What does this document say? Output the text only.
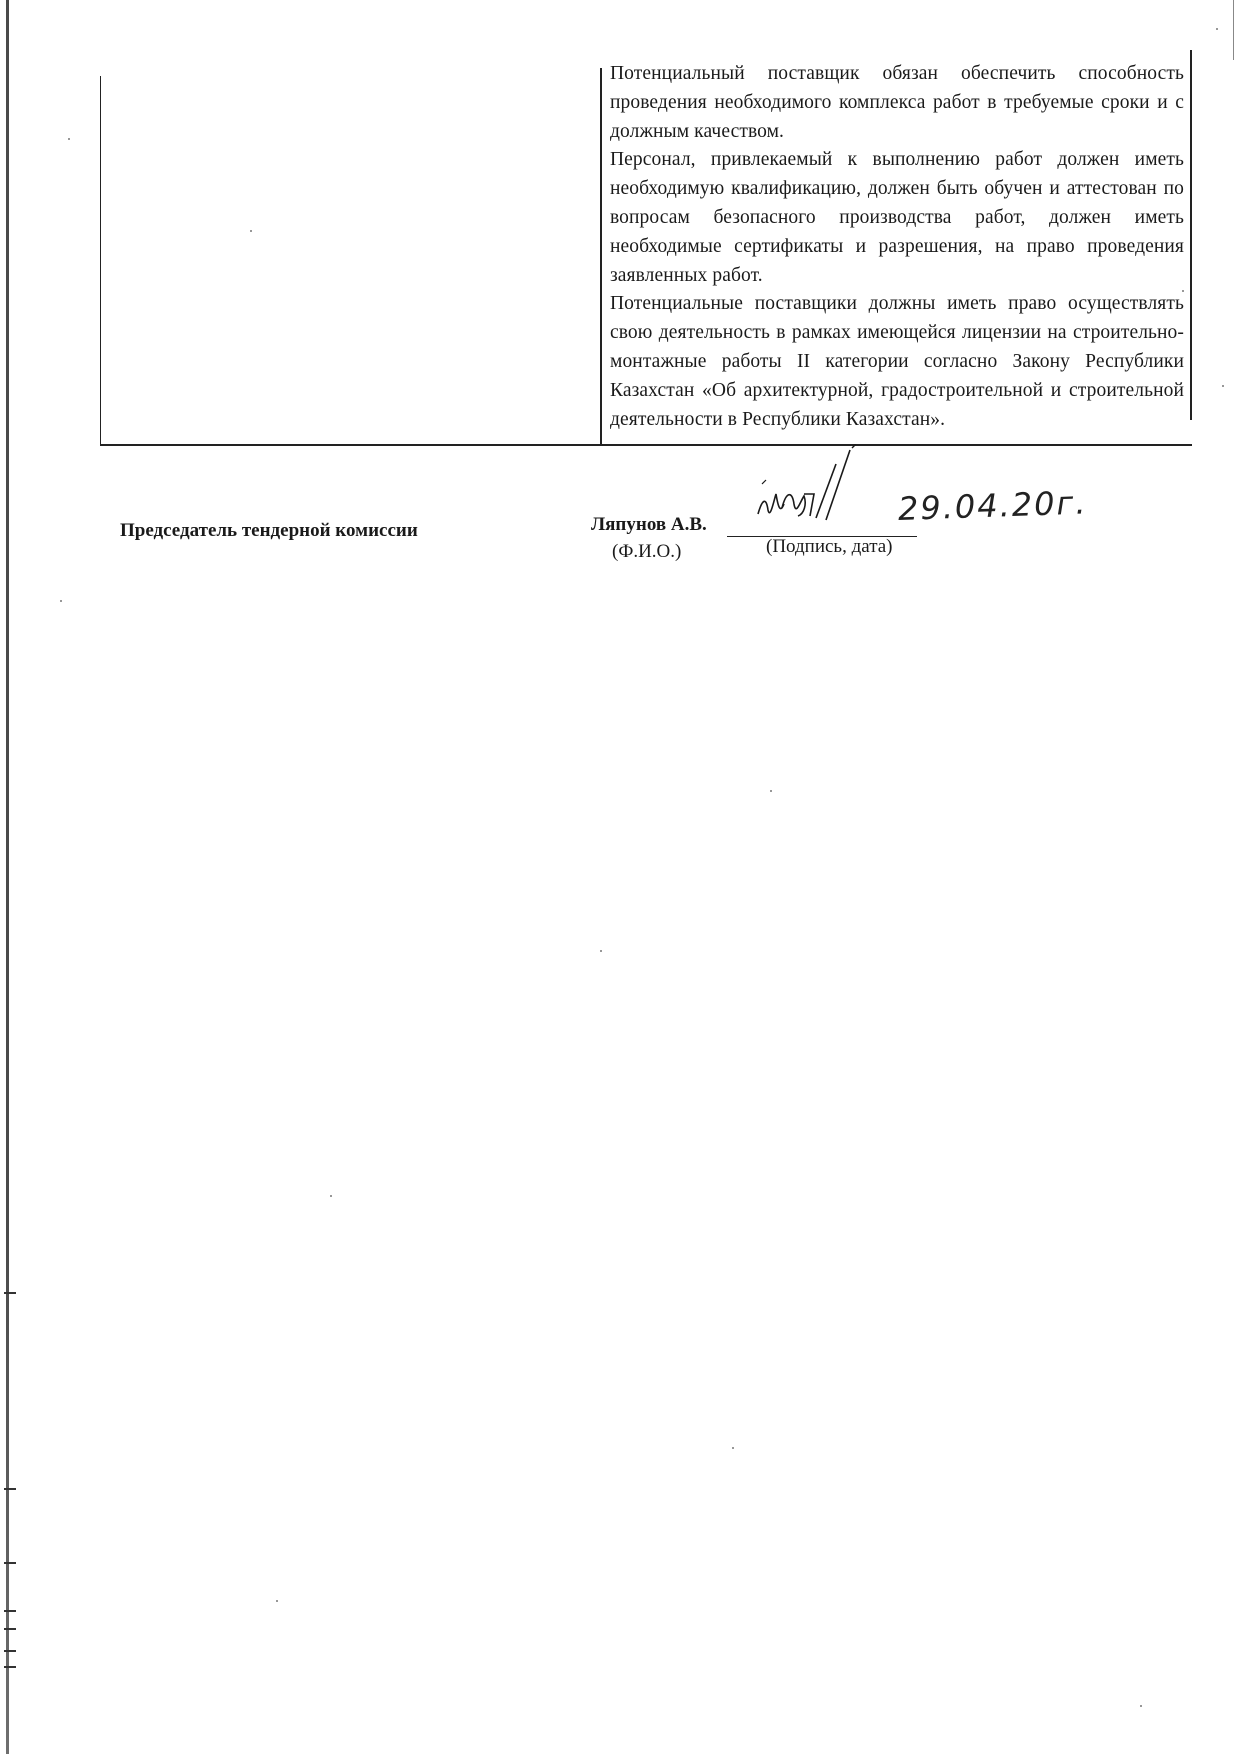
Потенциальный поставщик обязан обеспечить способность проведения необходимого комплекса работ в требуемые сроки и с должным качеством.

Персонал, привлекаемый к выполнению работ должен иметь необходимую квалификацию, должен быть обучен и аттестован по вопросам безопасного производства работ, должен иметь необходимые сертификаты и разрешения, на право проведения заявленных работ.

Потенциальные поставщики должны иметь право осуществлять свою деятельность в рамках имеющейся лицензии на строительно-монтажные работы II категории согласно Закону Республики Казахстан «Об архитектурной, градостроительной и строительной деятельности в Республики Казахстан».

Председатель тендерной комиссии	Ляпунов А.В.
(Ф.И.О.)	(Подпись, дата)
29.04.20г.
